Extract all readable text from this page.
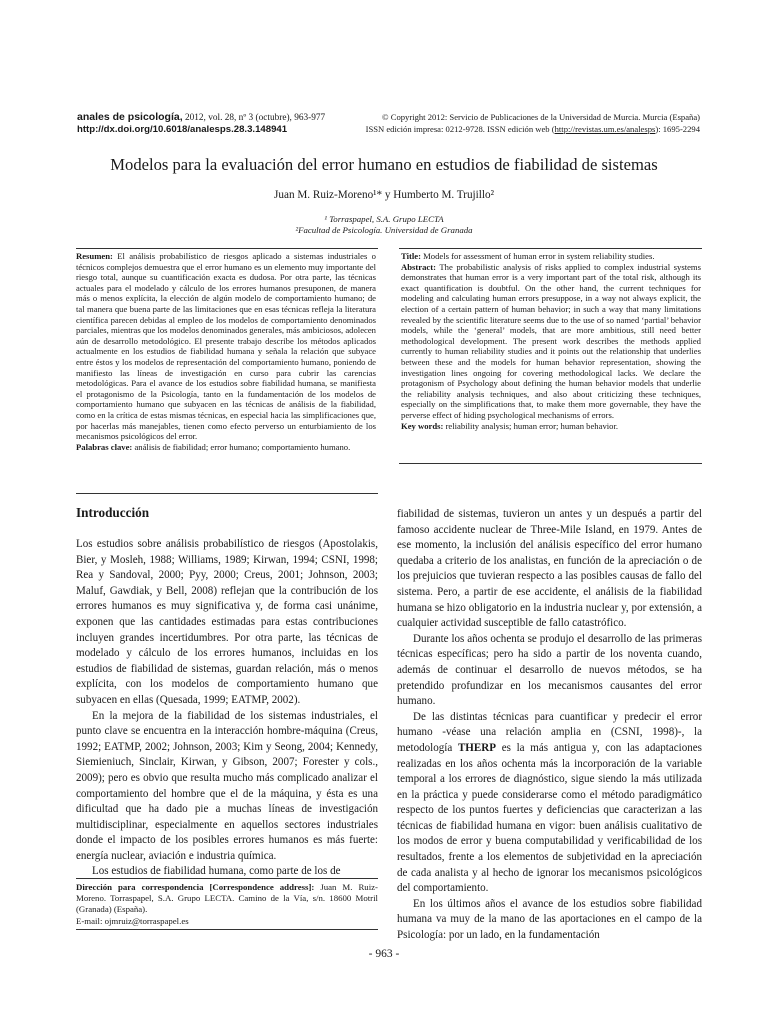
anales de psicología, 2012, vol. 28, nº 3 (octubre), 963-977
http://dx.doi.org/10.6018/analesps.28.3.148941
© Copyright 2012: Servicio de Publicaciones de la Universidad de Murcia. Murcia (España)
ISSN edición impresa: 0212-9728. ISSN edición web (http://revistas.um.es/analesps): 1695-2294
Modelos para la evaluación del error humano en estudios de fiabilidad de sistemas
Juan M. Ruiz-Moreno¹* y Humberto M. Trujillo²
¹ Torraspapel, S.A. Grupo LECTA
²Facultad de Psicología. Universidad de Granada
Resumen: El análisis probabilístico de riesgos aplicado a sistemas industriales o técnicos complejos demuestra que el error humano es un elemento muy importante del riesgo total, aunque su cuantificación exacta es dudosa. Por otra parte, las técnicas actuales para el modelado y cálculo de los errores humanos presuponen, de manera más o menos explícita, la elección de algún modelo de comportamiento humano; de tal manera que buena parte de las limitaciones que en esas técnicas refleja la literatura científica parecen debidas al empleo de los modelos de comportamiento denominados parciales, mientras que los modelos denominados generales, más ambiciosos, adolecen aún de desarrollo metodológico. El presente trabajo describe los métodos aplicados actualmente en los estudios de fiabilidad humana y señala la relación que subyace entre éstos y los modelos de representación del comportamiento humano, poniendo de manifiesto las líneas de investigación en curso para cubrir las carencias metodológicas. Para el avance de los estudios sobre fiabilidad humana, se manifiesta el protagonismo de la Psicología, tanto en la fundamentación de los modelos de comportamiento humano que subyacen en las técnicas de análisis de la fiabilidad, como en la crítica de estas mismas técnicas, en especial hacia las simplificaciones que, por hacerlas más manejables, tienen como efecto perverso un enturbiamiento de los mecanismos psicológicos del error.
Palabras clave: análisis de fiabilidad; error humano; comportamiento humano.
Title: Models for assessment of human error in system reliability studies.
Abstract: The probabilistic analysis of risks applied to complex industrial systems demonstrates that human error is a very important part of the total risk, although its exact quantification is doubtful. On the other hand, the current techniques for modeling and calculating human errors presuppose, in a way not always explicit, the election of a certain pattern of human behavior; in such a way that many limitations revealed by the scientific literature seems due to the use of so named ‘partial’ behavior models, while the ‘general’ models, that are more ambitious, still need better methodological development. The present work describes the methods applied currently to human reliability studies and it points out the relationship that underlies between these and the models for human behavior representation, showing the investigation lines ongoing for covering methodological lacks. We declare the protagonism of Psychology about defining the human behavior models that underlie the reliability analysis techniques, and also about criticizing these techniques, especially on the simplifications that, to make them more governable, they have the perverse effect of hiding psychological mechanisms of errors.
Key words: reliability analysis; human error; human behavior.
Introducción

Los estudios sobre análisis probabilístico de riesgos (Apostolakis, Bier, y Mosleh, 1988; Williams, 1989; Kirwan, 1994; CSNI, 1998; Rea y Sandoval, 2000; Pyy, 2000; Creus, 2001; Johnson, 2003; Maluf, Gawdiak, y Bell, 2008) reflejan que la contribución de los errores humanos es muy significativa y, de forma casi unánime, exponen que las cantidades estimadas para estas contribuciones incluyen grandes incertidumbres. Por otra parte, las técnicas de modelado y cálculo de los errores humanos, incluidas en los estudios de fiabilidad de sistemas, guardan relación, más o menos explícita, con los modelos de comportamiento humano que subyacen en ellas (Quesada, 1999; EATMP, 2002).

En la mejora de la fiabilidad de los sistemas industriales, el punto clave se encuentra en la interacción hombre-máquina (Creus, 1992; EATMP, 2002; Johnson, 2003; Kim y Seong, 2004; Kennedy, Siemieniuch, Sinclair, Kirwan, y Gibson, 2007; Forester y cols., 2009); pero es obvio que resulta mucho más complicado analizar el comportamiento del hombre que el de la máquina, y ésta es una dificultad que ha dado pie a muchas líneas de investigación multidisciplinar, especialmente en aquellos sectores industriales donde el impacto de los posibles errores humanos es más fuerte: energía nuclear, aviación e industria química.

Los estudios de fiabilidad humana, como parte de los de

fiabilidad de sistemas, tuvieron un antes y un después a partir del famoso accidente nuclear de Three-Mile Island, en 1979. Antes de ese momento, la inclusión del análisis específico del error humano quedaba a criterio de los analistas, en función de la apreciación o de los prejuicios que tuvieran respecto a las posibles causas de fallo del sistema. Pero, a partir de ese accidente, el análisis de la fiabilidad humana se hizo obligatorio en la industria nuclear y, por extensión, a cualquier actividad susceptible de fallo catastrófico.

Durante los años ochenta se produjo el desarrollo de las primeras técnicas específicas; pero ha sido a partir de los noventa cuando, además de continuar el desarrollo de nuevos métodos, se ha pretendido profundizar en los mecanismos causantes del error humano.

De las distintas técnicas para cuantificar y predecir el error humano -véase una relación amplia en (CSNI, 1998)-, la metodología THERP es la más antigua y, con las adaptaciones realizadas en los años ochenta más la incorporación de la variable temporal a los errores de diagnóstico, sigue siendo la más utilizada en la práctica y puede considerarse como el método paradigmático respecto de los puntos fuertes y deficiencias que caracterizan a las técnicas de fiabilidad humana en vigor: buen análisis cualitativo de los modos de error y buena computabilidad y verificabilidad de los resultados, frente a los elementos de subjetividad en la apreciación de cada analista y al hecho de ignorar los mecanismos psicológicos del comportamiento.

En los últimos años el avance de los estudios sobre fiabilidad humana va muy de la mano de las aportaciones en el campo de la Psicología: por un lado, en la fundamentación

Dirección para correspondencia [Correspondence address]: Juan M. Ruiz-Moreno. Torraspapel, S.A. Grupo LECTA. Camino de la Vía, s/n. 18600 Motril (Granada) (España).
E-mail: ojmruiz@torraspapel.es
- 963 -
